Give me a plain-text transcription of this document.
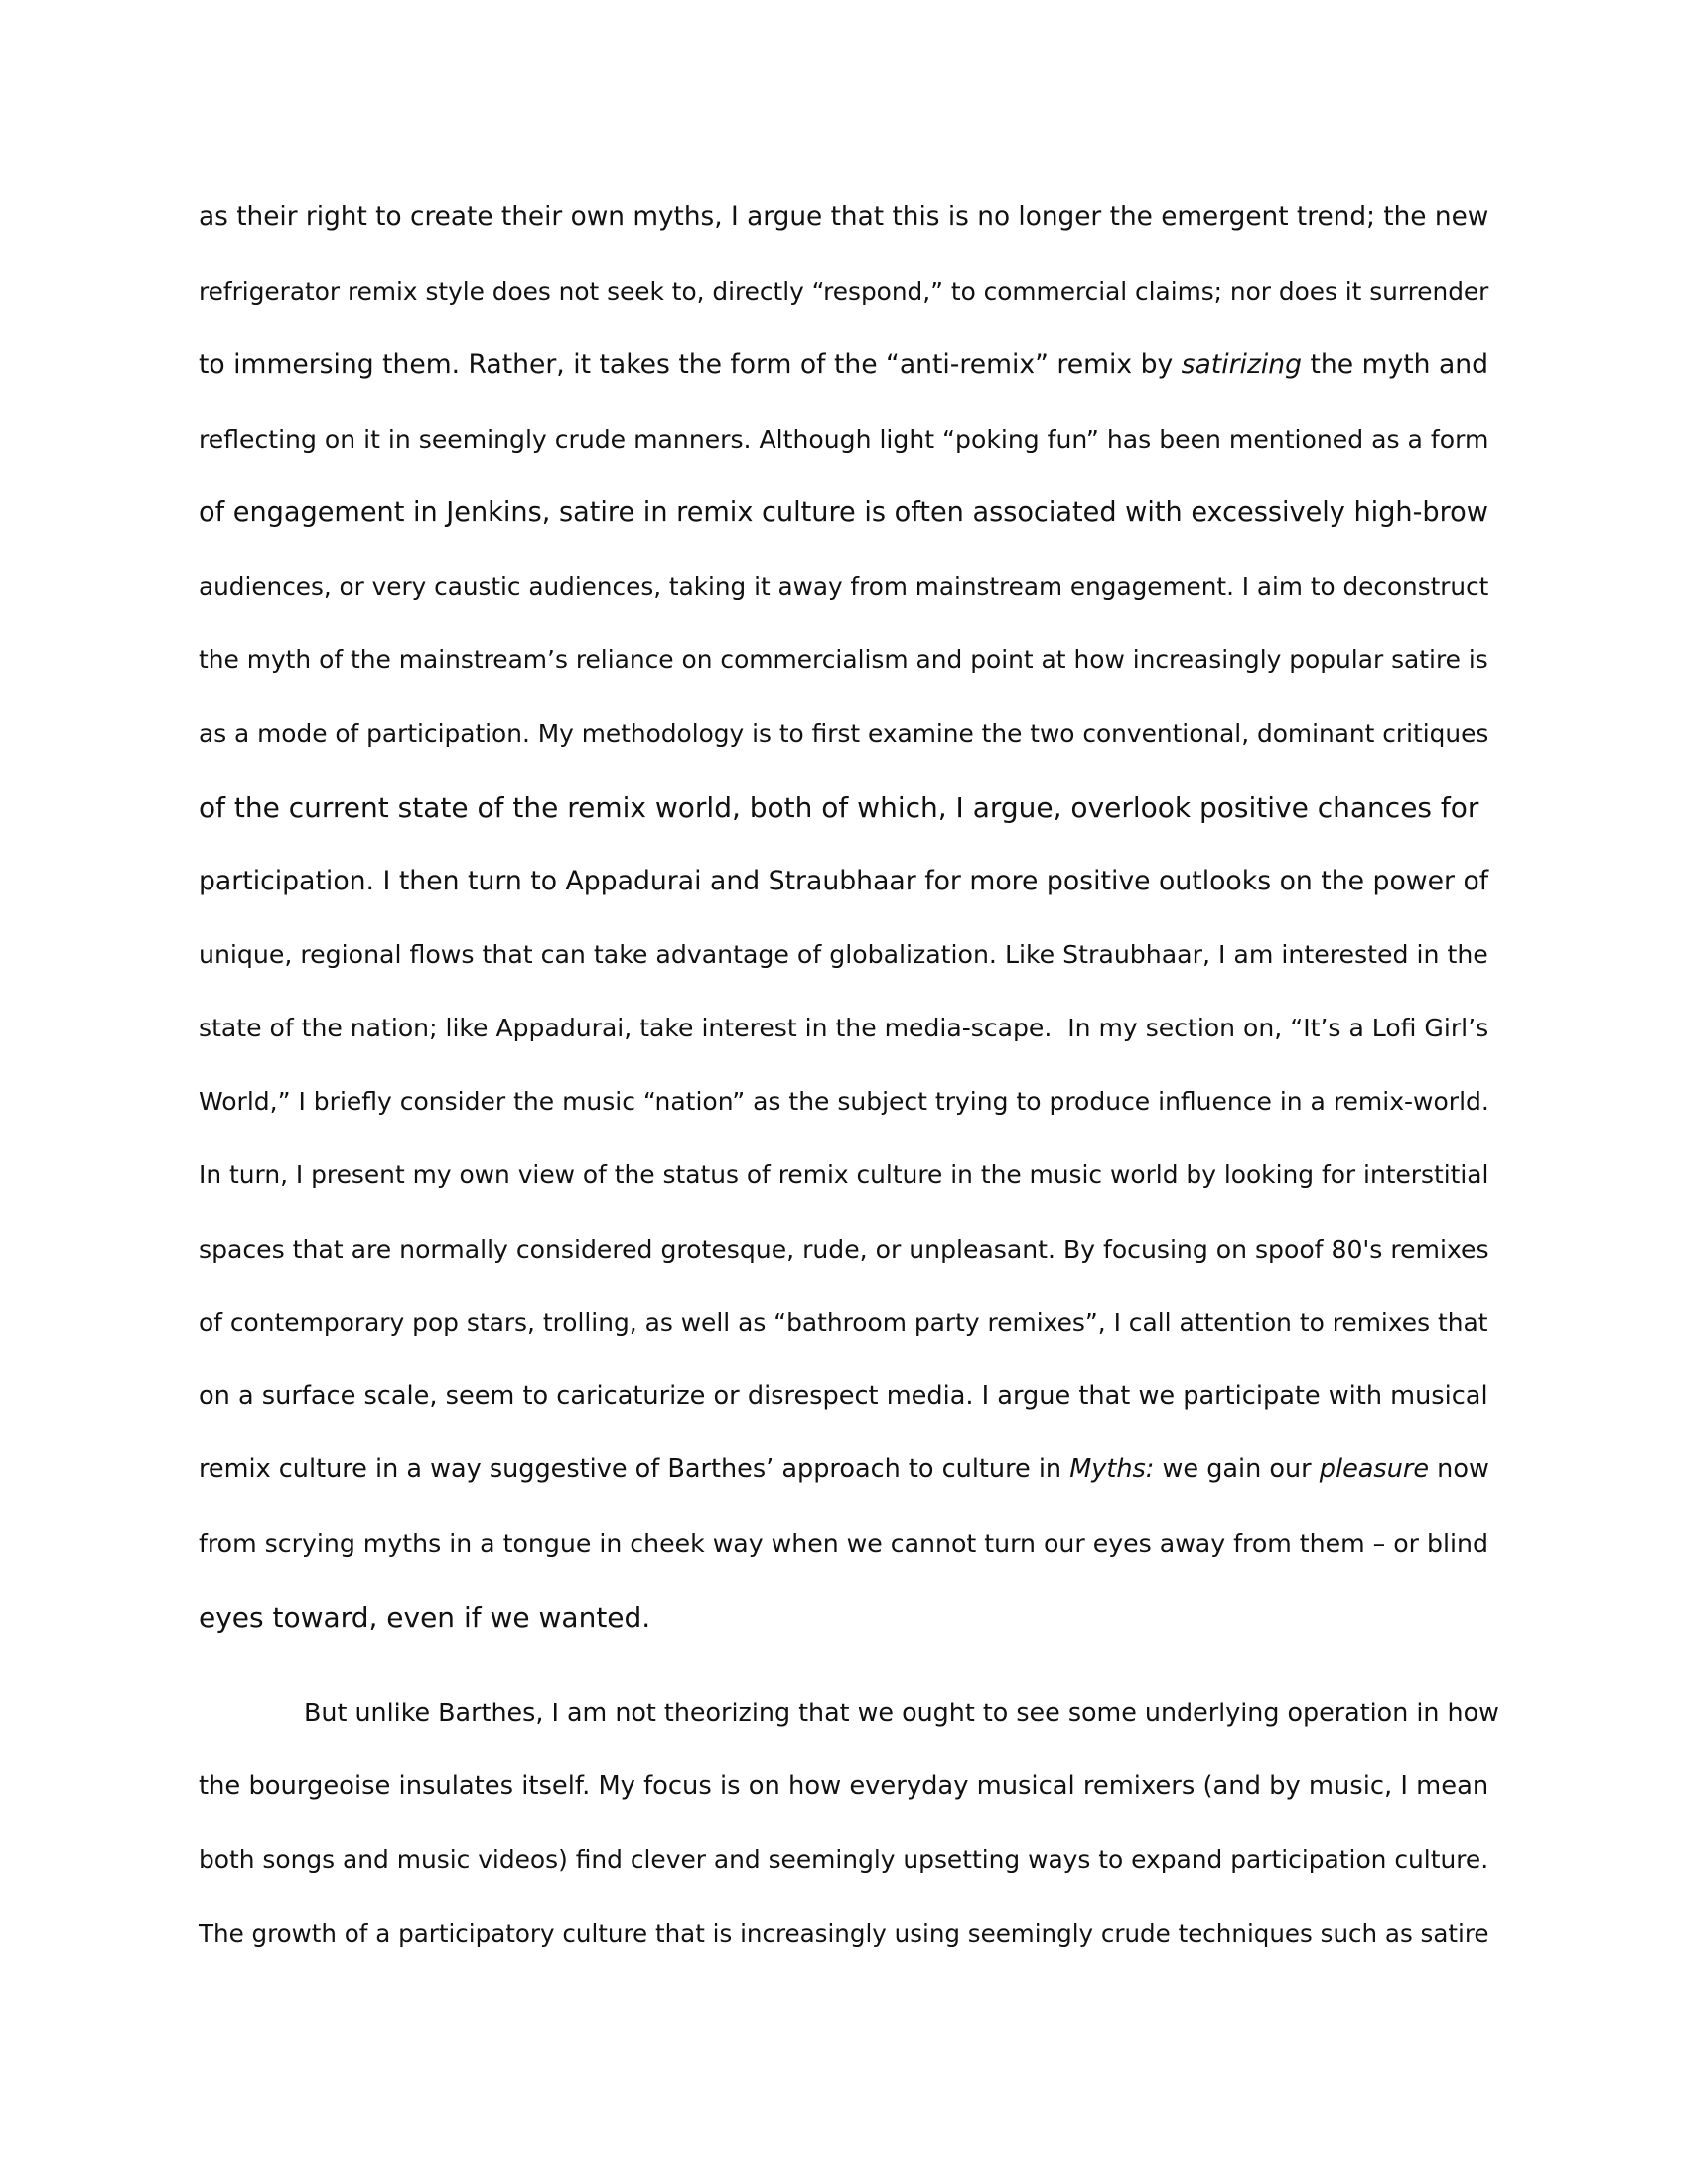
as their right to create their own myths, I argue that this is no longer the emergent trend; the new
refrigerator remix style does not seek to, directly “respond,” to commercial claims; nor does it surrender
to immersing them. Rather, it takes the form of the “anti-remix” remix by satirizing the myth and
reflecting on it in seemingly crude manners. Although light “poking fun” has been mentioned as a form
of engagement in Jenkins, satire in remix culture is often associated with excessively high-brow
audiences, or very caustic audiences, taking it away from mainstream engagement. I aim to deconstruct
the myth of the mainstream’s reliance on commercialism and point at how increasingly popular satire is
as a mode of participation. My methodology is to first examine the two conventional, dominant critiques
of the current state of the remix world, both of which, I argue, overlook positive chances for
participation. I then turn to Appadurai and Straubhaar for more positive outlooks on the power of
unique, regional flows that can take advantage of globalization. Like Straubhaar, I am interested in the
state of the nation; like Appadurai, take interest in the media-scape.  In my section on, “It’s a Lofi Girl’s
World,” I briefly consider the music “nation” as the subject trying to produce influence in a remix-world.
In turn, I present my own view of the status of remix culture in the music world by looking for interstitial
spaces that are normally considered grotesque, rude, or unpleasant. By focusing on spoof 80's remixes
of contemporary pop stars, trolling, as well as “bathroom party remixes”, I call attention to remixes that
on a surface scale, seem to caricaturize or disrespect media. I argue that we participate with musical
remix culture in a way suggestive of Barthes’ approach to culture in Myths: we gain our pleasure now
from scrying myths in a tongue in cheek way when we cannot turn our eyes away from them – or blind
eyes toward, even if we wanted.
But unlike Barthes, I am not theorizing that we ought to see some underlying operation in how
the bourgeoise insulates itself. My focus is on how everyday musical remixers (and by music, I mean
both songs and music videos) find clever and seemingly upsetting ways to expand participation culture.
The growth of a participatory culture that is increasingly using seemingly crude techniques such as satire
